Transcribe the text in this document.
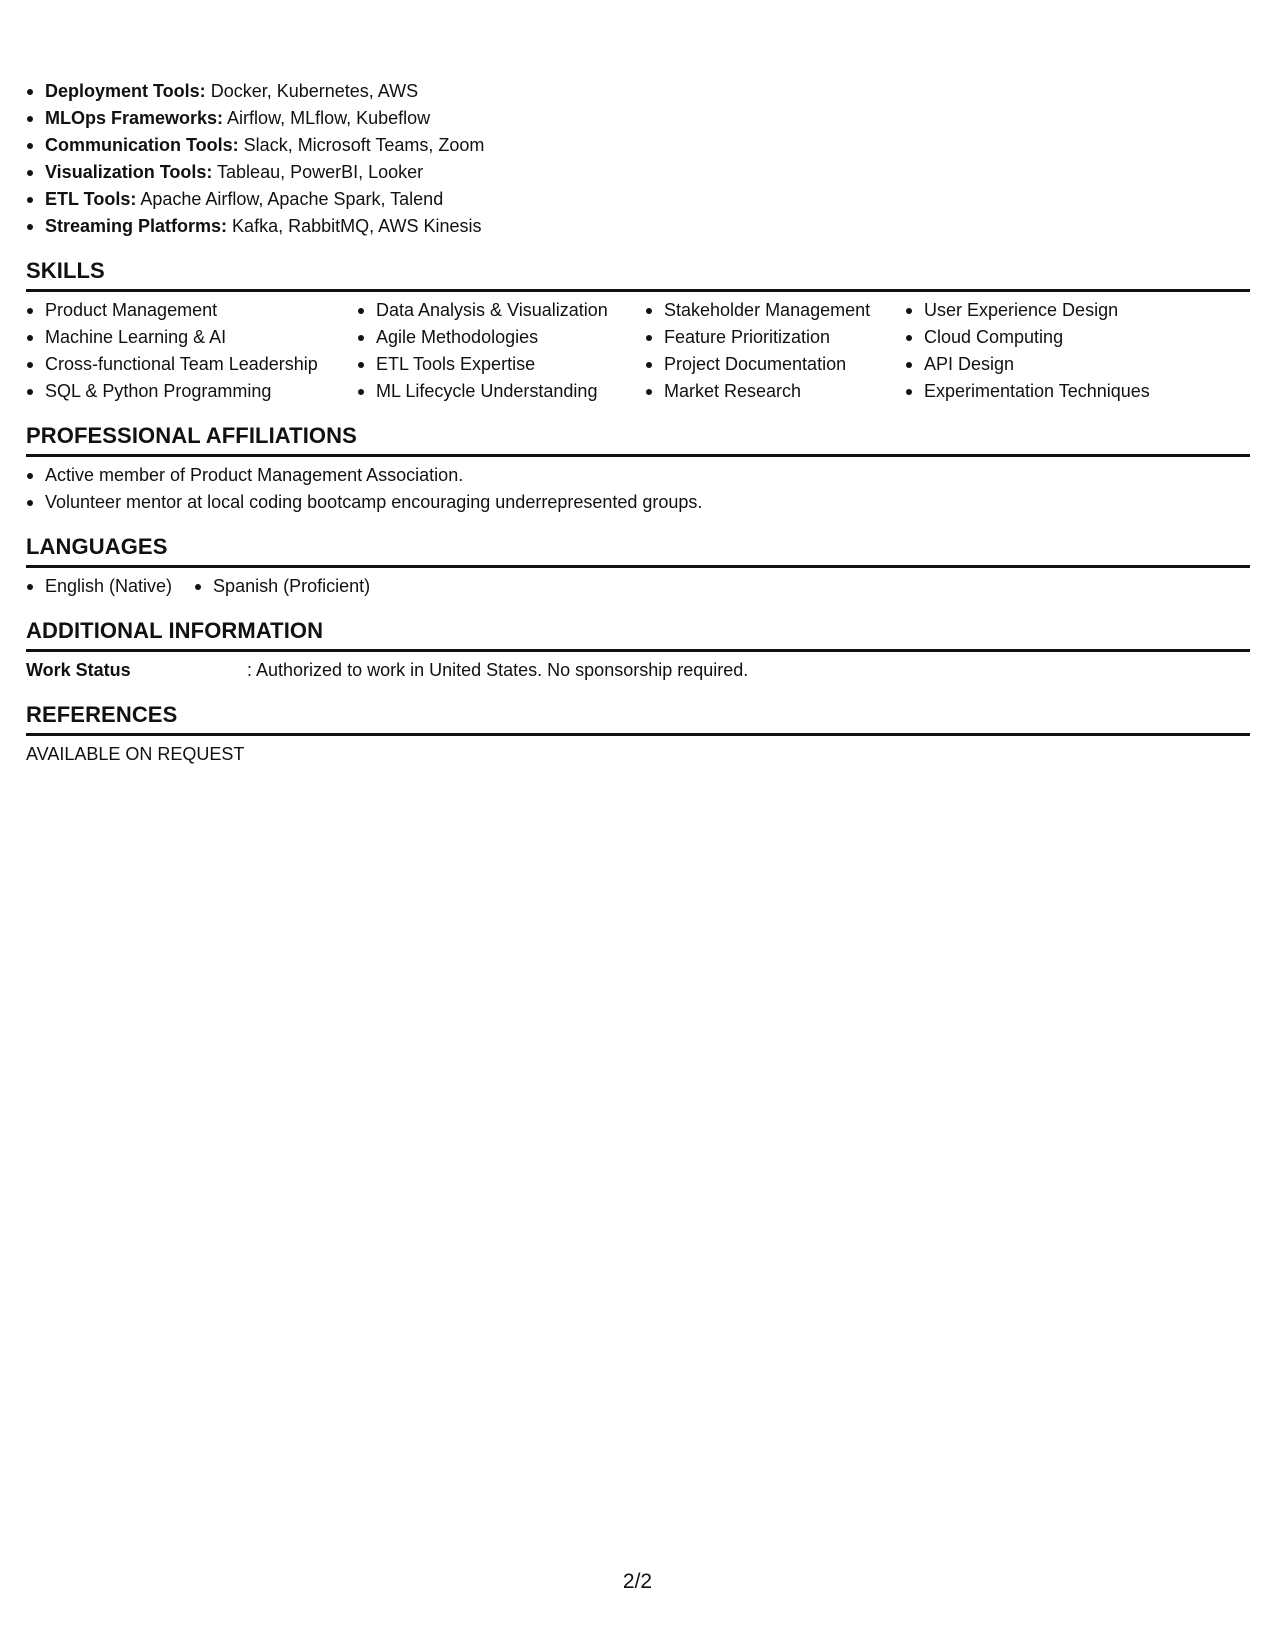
Deployment Tools: Docker, Kubernetes, AWS
MLOps Frameworks: Airflow, MLflow, Kubeflow
Communication Tools: Slack, Microsoft Teams, Zoom
Visualization Tools: Tableau, PowerBI, Looker
ETL Tools: Apache Airflow, Apache Spark, Talend
Streaming Platforms: Kafka, RabbitMQ, AWS Kinesis
SKILLS
Product Management
Machine Learning & AI
Cross-functional Team Leadership
SQL & Python Programming
Data Analysis & Visualization
Agile Methodologies
ETL Tools Expertise
ML Lifecycle Understanding
Stakeholder Management
Feature Prioritization
Project Documentation
Market Research
User Experience Design
Cloud Computing
API Design
Experimentation Techniques
PROFESSIONAL AFFILIATIONS
Active member of Product Management Association.
Volunteer mentor at local coding bootcamp encouraging underrepresented groups.
LANGUAGES
English (Native)	Spanish (Proficient)
ADDITIONAL INFORMATION
Work Status	: Authorized to work in United States. No sponsorship required.
REFERENCES
AVAILABLE ON REQUEST
2/2
